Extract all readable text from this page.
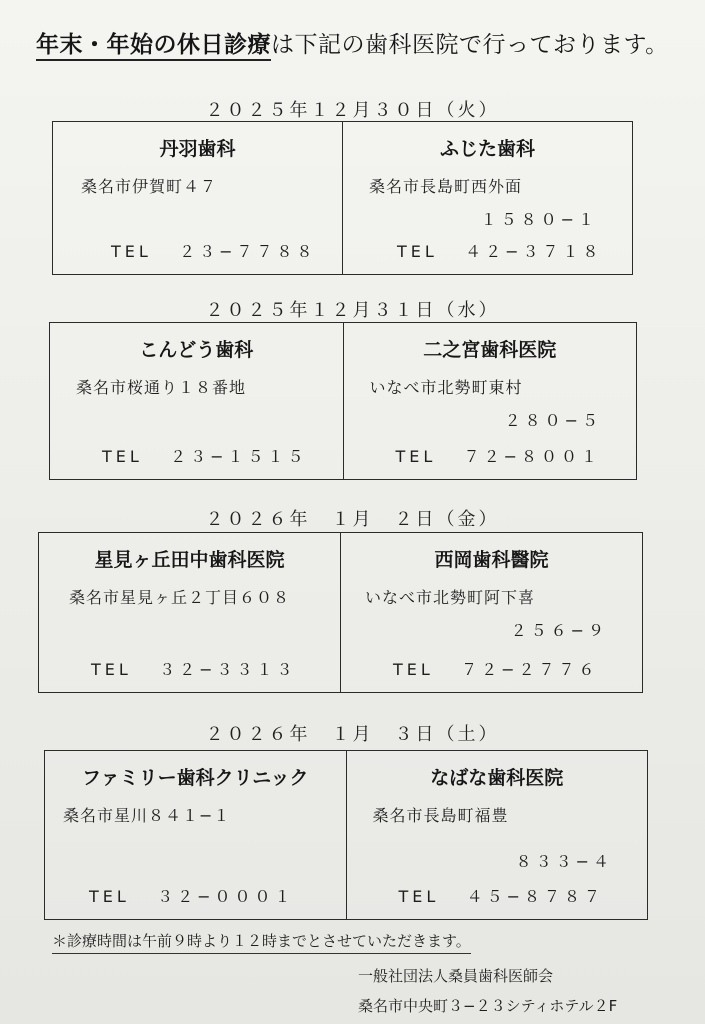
年末・年始の休日診療は下記の歯科医院で行っております。
２０２５年１２月３０日（火）
丹羽歯科
桑名市伊賀町４７
TEL ２３−７７８８
ふじた歯科
桑名市長島町西外面
１５８０−１
TEL ４２−３７１８
２０２５年１２月３１日（水）
こんどう歯科
桑名市桜通り１８番地
TEL ２３−１５１５
二之宮歯科医院
いなべ市北勢町東村
２８０−５
TEL ７２−８００１
２０２６年　１月　２日（金）
星見ヶ丘田中歯科医院
桑名市星見ヶ丘２丁目６０８
TEL ３２−３３１３
西岡歯科醫院
いなべ市北勢町阿下喜
２５６−９
TEL ７２−２７７６
２０２６年　１月　３日（土）
ファミリー歯科クリニック
桑名市星川８４１−１
TEL ３２−０００１
なばな歯科医院
桑名市長島町福豊
８３３−４
TEL ４５−８７８７
＊診療時間は午前９時より１２時までとさせていただきます。
一般社団法人桑員歯科医師会
桑名市中央町３−２３シティホテル２F
